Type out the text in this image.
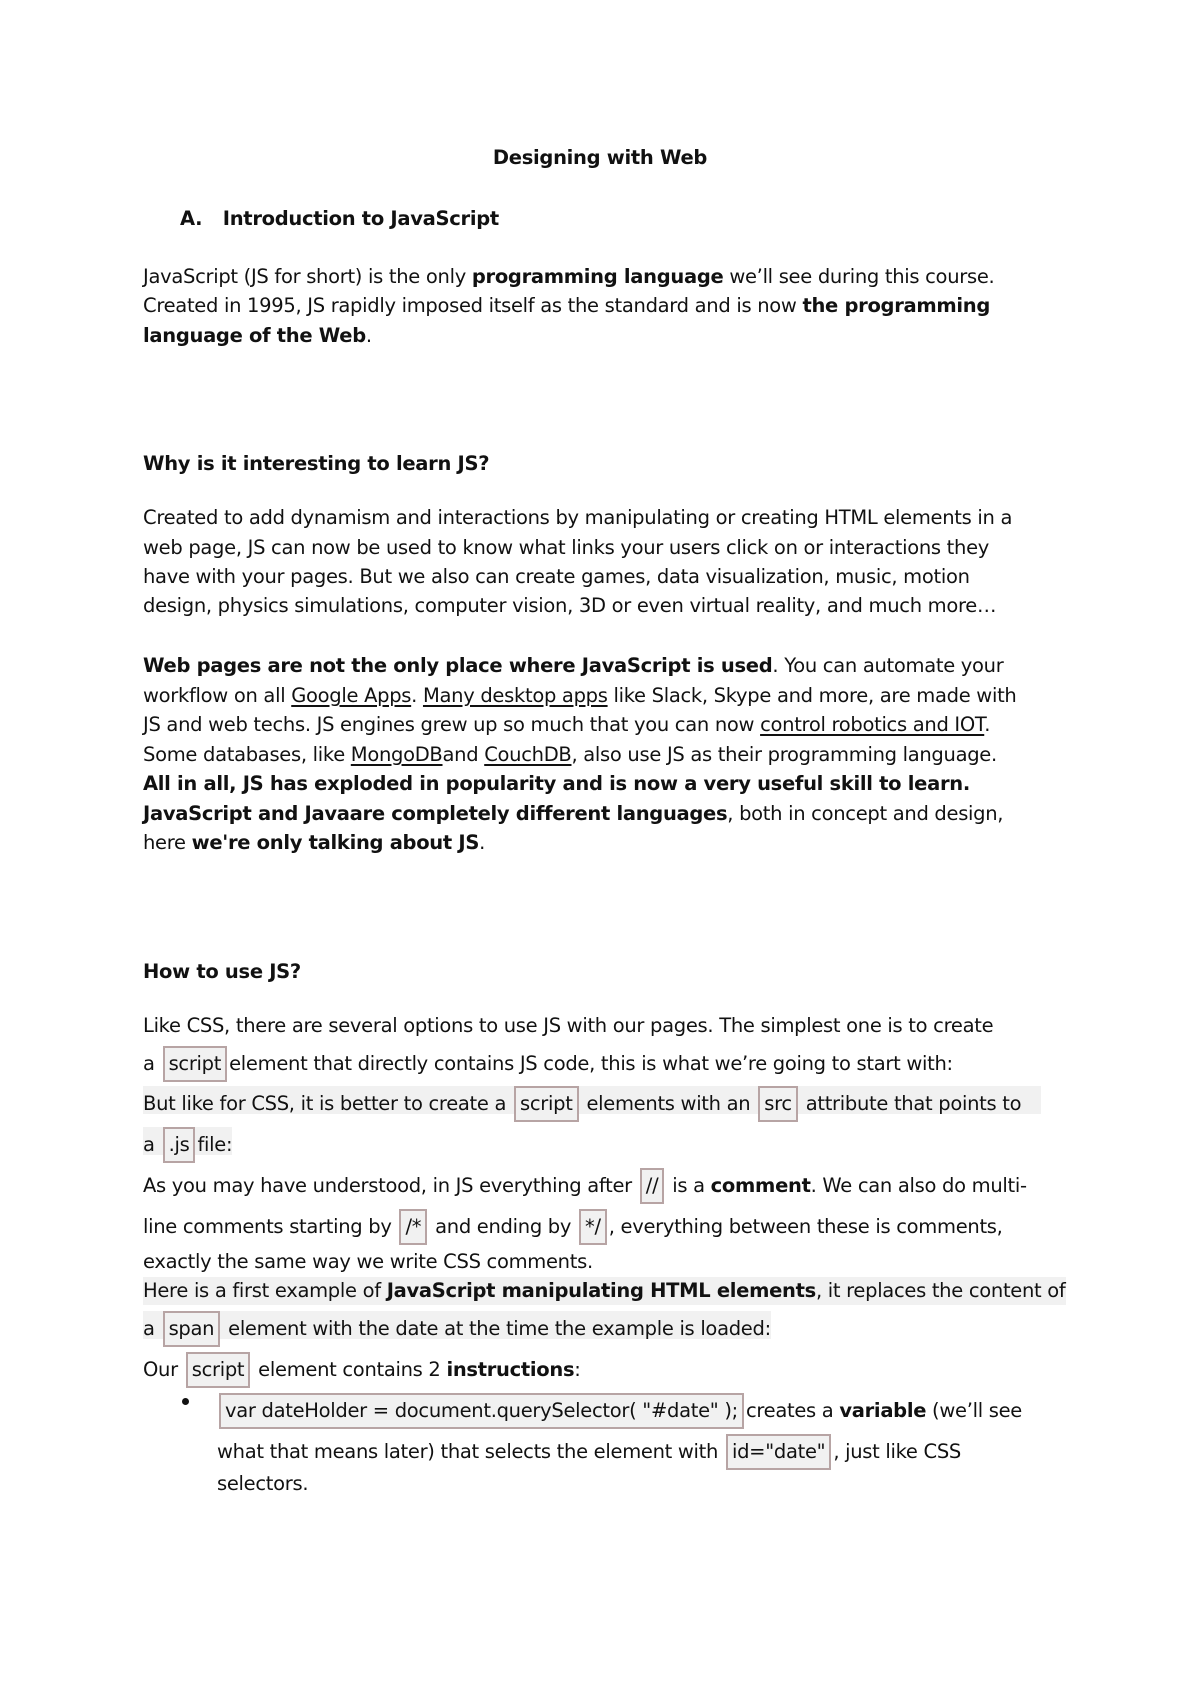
Designing with Web
A. Introduction to JavaScript
JavaScript (JS for short) is the only programming language we’ll see during this course.
Created in 1995, JS rapidly imposed itself as the standard and is now the programming
language of the Web.
Why is it interesting to learn JS?
Created to add dynamism and interactions by manipulating or creating HTML elements in a
web page, JS can now be used to know what links your users click on or interactions they
have with your pages. But we also can create games, data visualization, music, motion
design, physics simulations, computer vision, 3D or even virtual reality, and much more…
Web pages are not the only place where JavaScript is used. You can automate your
workflow on all Google Apps. Many desktop apps like Slack, Skype and more, are made with
JS and web techs. JS engines grew up so much that you can now control robotics and IOT.
Some databases, like MongoDBand CouchDB, also use JS as their programming language.
All in all, JS has exploded in popularity and is now a very useful skill to learn.
JavaScript and Javaare completely different languages, both in concept and design,
here we're only talking about JS.
How to use JS?
Like CSS, there are several options to use JS with our pages. The simplest one is to create
a script element that directly contains JS code, this is what we’re going to start with:
But like for CSS, it is better to create a script elements with an src attribute that points to
a .js file:
As you may have understood, in JS everything after // is a comment. We can also do multi-
line comments starting by /* and ending by */ , everything between these is comments,
exactly the same way we write CSS comments.
Here is a first example of JavaScript manipulating HTML elements, it replaces the content of
a span element with the date at the time the example is loaded:
Our script element contains 2 instructions:
var dateHolder = document.querySelector( "#date" ); creates a variable (we’ll see
what that means later) that selects the element with id="date" , just like CSS
selectors.
